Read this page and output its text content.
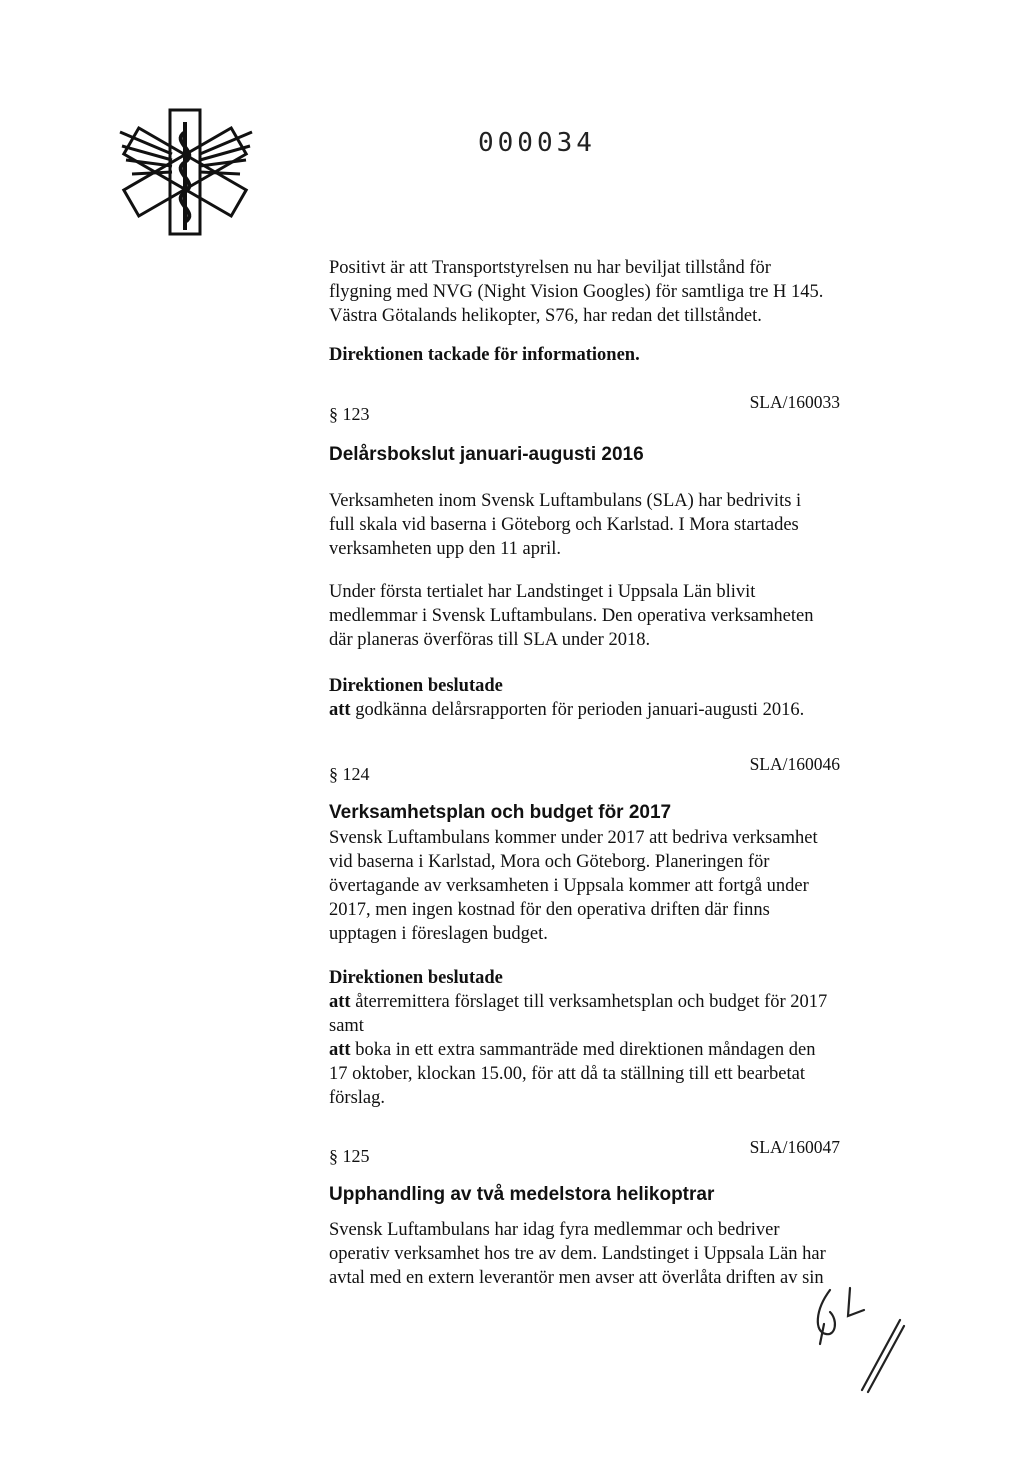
000034
Positivt är att Transportstyrelsen nu har beviljat tillstånd för
flygning med NVG (Night Vision Googles) för samtliga tre H 145.
Västra Götalands helikopter, S76, har redan det tillståndet.
Direktionen tackade för informationen.
§ 123
SLA/160033
Delårsbokslut januari-augusti 2016
Verksamheten inom Svensk Luftambulans (SLA) har bedrivits i
full skala vid baserna i Göteborg och Karlstad. I Mora startades
verksamheten upp den 11 april.
Under första tertialet har Landstinget i Uppsala Län blivit
medlemmar i Svensk Luftambulans. Den operativa verksamheten
där planeras överföras till SLA under 2018.
Direktionen beslutade
att godkänna delårsrapporten för perioden januari-augusti 2016.
§ 124	SLA/160046
Verksamhetsplan och budget för 2017
Svensk Luftambulans kommer under 2017 att bedriva verksamhet
vid baserna i Karlstad, Mora och Göteborg. Planeringen för
övertagande av verksamheten i Uppsala kommer att fortgå under
2017, men ingen kostnad för den operativa driften där finns
upptagen i föreslagen budget.
Direktionen beslutade
att återremittera förslaget till verksamhetsplan och budget för 2017
samt
att boka in ett extra sammanträde med direktionen måndagen den
17 oktober, klockan 15.00, för att då ta ställning till ett bearbetat
förslag.
§ 125	SLA/160047
Upphandling av två medelstora helikoptrar
Svensk Luftambulans har idag fyra medlemmar och bedriver
operativ verksamhet hos tre av dem. Landstinget i Uppsala Län har
avtal med en extern leverantör men avser att överlåta driften av sin
